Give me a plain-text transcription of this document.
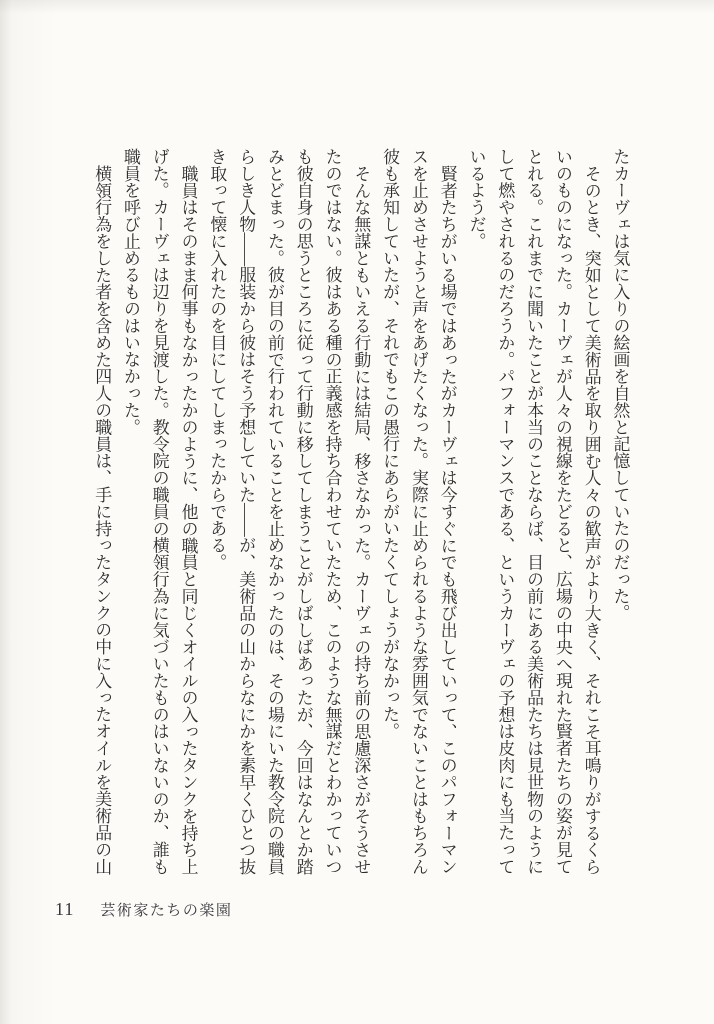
たカーヴェは気に入りの絵画を自然と記憶していたのだった。

そのとき、突如として美術品を取り囲む人々の歓声がより大きく、それこそ耳鳴りがするくらいのものになった。カーヴェが人々の視線をたどると、広場の中央へ現れた賢者たちの姿が見てとれる。これまでに聞いたことが本当のことならば、目の前にある美術品たちは見世物のようにして燃やされるのだろうか。パフォーマンスである、というカーヴェの予想は皮肉にも当たっているようだ。

賢者たちがいる場ではあったがカーヴェは今すぐにでも飛び出していって、このパフォーマンスを止めさせようと声をあげたくなった。実際に止められるような雰囲気でないことはもちろん彼も承知していたが、それでもこの愚行にあらがいたくてしょうがなかった。

そんな無謀ともいえる行動には結局、移さなかった。カーヴェの持ち前の思慮深さがそうさせたのではない。彼はある種の正義感を持ち合わせていたため、このような無謀だとわかっていつも彼自身の思うところに従って行動に移してしまうことがしばしばあったが、今回はなんとか踏みとどまった。彼が目の前で行われていることを止めなかったのは、その場にいた教令院の職員らしき人物——服装から彼はそう予想していた——が、美術品の山からなにかを素早くひとつ抜き取って懐に入れたのを目にしてしまったからである。

職員はそのまま何事もなかったかのように、他の職員と同じくオイルの入ったタンクを持ち上げた。カーヴェは辺りを見渡した。教令院の職員の横領行為に気づいたものはいないのか、誰も職員を呼び止めるものはいなかった。

横領行為をした者を含めた四人の職員は、手に持ったタンクの中に入ったオイルを美術品の山

11 芸術家たちの楽園
